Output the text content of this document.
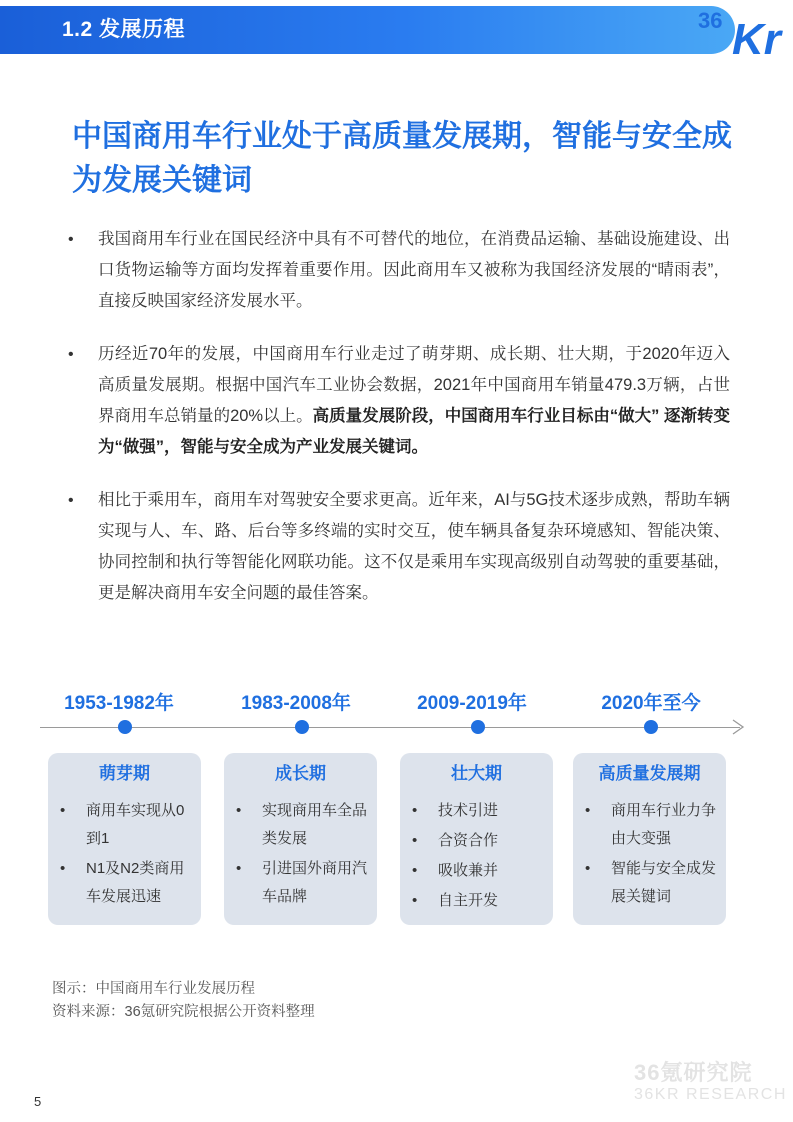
1.2 发展历程	36 Kr
中国商用车行业处于高质量发展期，智能与安全成为发展关键词
• 我国商用车行业在国民经济中具有不可替代的地位，在消费品运输、基础设施建设、出口货物运输等方面均发挥着重要作用。因此商用车又被称为我国经济发展的“晴雨表”，直接反映国家经济发展水平。
• 历经近70年的发展，中国商用车行业走过了萌芽期、成长期、壮大期，于2020年迈入高质量发展期。根据中国汽车工业协会数据，2021年中国商用车销量479.3万辆，占世界商用车总销量的20%以上。高质量发展阶段，中国商用车行业目标由“做大” 逐渐转变为“做强”，智能与安全成为产业发展关键词。
• 相比于乘用车，商用车对驾驶安全要求更高。近年来，AI与5G技术逐步成熟，帮助车辆实现与人、车、路、后台等多终端的实时交互，使车辆具备复杂环境感知、智能决策、协同控制和执行等智能化网联功能。这不仅是乘用车实现高级别自动驾驶的重要基础，更是解决商用车安全问题的最佳答案。
1953-1982年	1983-2008年	2009-2019年	2020年至今
萌芽期
• 商用车实现从0到1
• N1及N2类商用车发展迅速
成长期
• 实现商用车全品类发展
• 引进国外商用汽车品牌
壮大期
• 技术引进
• 合资合作
• 吸收兼并
• 自主开发
高质量发展期
• 商用车行业力争由大变强
• 智能与安全成发展关键词
图示：中国商用车行业发展历程
资料来源：36氪研究院根据公开资料整理
36氪研究院
36KR RESEARCH
5
